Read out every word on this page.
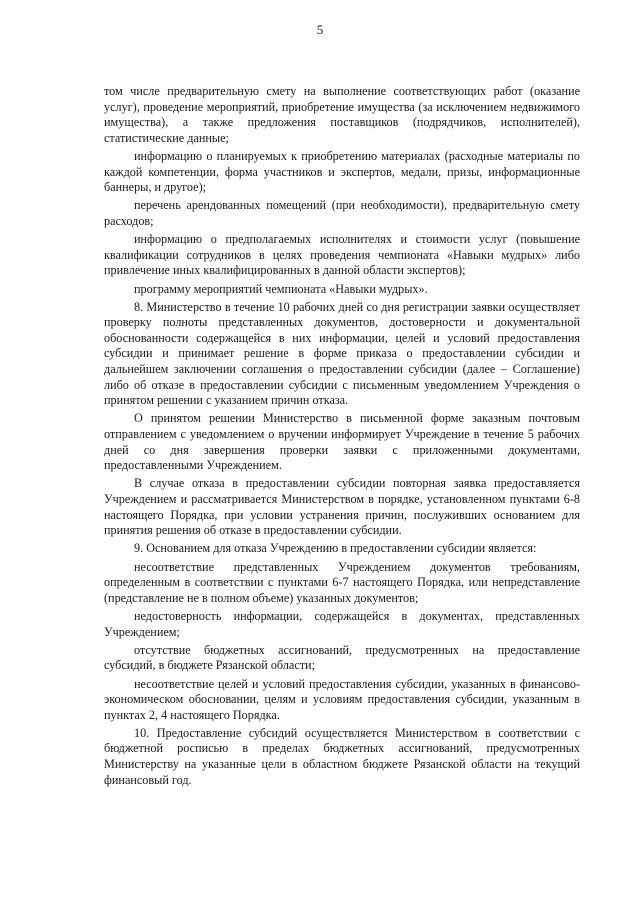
5

том числе предварительную смету на выполнение соответствующих работ (оказание услуг), проведение мероприятий, приобретение имущества (за исключением недвижимого имущества), а также предложения поставщиков (подрядчиков, исполнителей), статистические данные;

информацию о планируемых к приобретению материалах (расходные материалы по каждой компетенции, форма участников и экспертов, медали, призы, информационные баннеры, и другое);

перечень арендованных помещений (при необходимости), предварительную смету расходов;

информацию о предполагаемых исполнителях и стоимости услуг (повышение квалификации сотрудников в целях проведения чемпионата «Навыки мудрых» либо привлечение иных квалифицированных в данной области экспертов);

программу мероприятий чемпионата «Навыки мудрых».

8. Министерство в течение 10 рабочих дней со дня регистрации заявки осуществляет проверку полноты представленных документов, достоверности и документальной обоснованности содержащейся в них информации, целей и условий предоставления субсидии и принимает решение в форме приказа о предоставлении субсидии и дальнейшем заключении соглашения о предоставлении субсидии (далее – Соглашение) либо об отказе в предоставлении субсидии с письменным уведомлением Учреждения о принятом решении с указанием причин отказа.

О принятом решении Министерство в письменной форме заказным почтовым отправлением с уведомлением о вручении информирует Учреждение в течение 5 рабочих дней со дня завершения проверки заявки с приложенными документами, предоставленными Учреждением.

В случае отказа в предоставлении субсидии повторная заявка предоставляется Учреждением и рассматривается Министерством в порядке, установленном пунктами 6-8 настоящего Порядка, при условии устранения причин, послуживших основанием для принятия решения об отказе в предоставлении субсидии.

9. Основанием для отказа Учреждению в предоставлении субсидии является:

несоответствие представленных Учреждением документов требованиям, определенным в соответствии с пунктами 6-7 настоящего Порядка, или непредставление (представление не в полном объеме) указанных документов;

недостоверность информации, содержащейся в документах, представленных Учреждением;

отсутствие бюджетных ассигнований, предусмотренных на предоставление субсидий, в бюджете Рязанской области;

несоответствие целей и условий предоставления субсидии, указанных в финансово-экономическом обосновании, целям и условиям предоставления субсидии, указанным в пунктах 2, 4 настоящего Порядка.

10. Предоставление субсидий осуществляется Министерством в соответствии с бюджетной росписью в пределах бюджетных ассигнований, предусмотренных Министерству на указанные цели в областном бюджете Рязанской области на текущий финансовый год.
